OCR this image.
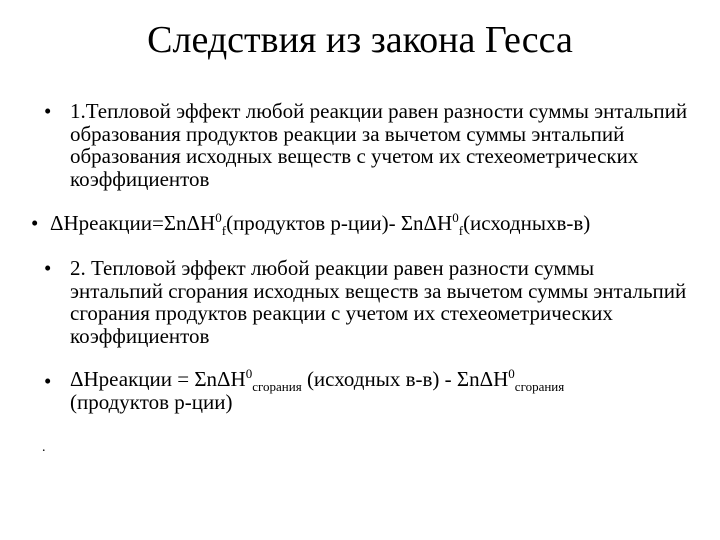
Следствия из закона Гесса
• 1.Тепловой эффект любой реакции равен разности суммы энтальпий образования продуктов реакции за вычетом суммы энтальпий образования исходных веществ с учетом их стехеометрических коэффициентов
• ΔНреакции=ΣnΔН$^0_f$(продуктов р-ции)- ΣnΔН$^0_f$(исходныхв-в)
• 2. Тепловой эффект любой реакции равен разности суммы энтальпий сгорания исходных веществ за вычетом суммы энтальпий сгорания продуктов реакции с учетом их стехеометрических коэффициентов
• ΔНреакции = ΣnΔН$^0_{сгорания}$ (исходных в-в) - ΣnΔН$^0_{сгорания}$
(продуктов р-ции)
.
